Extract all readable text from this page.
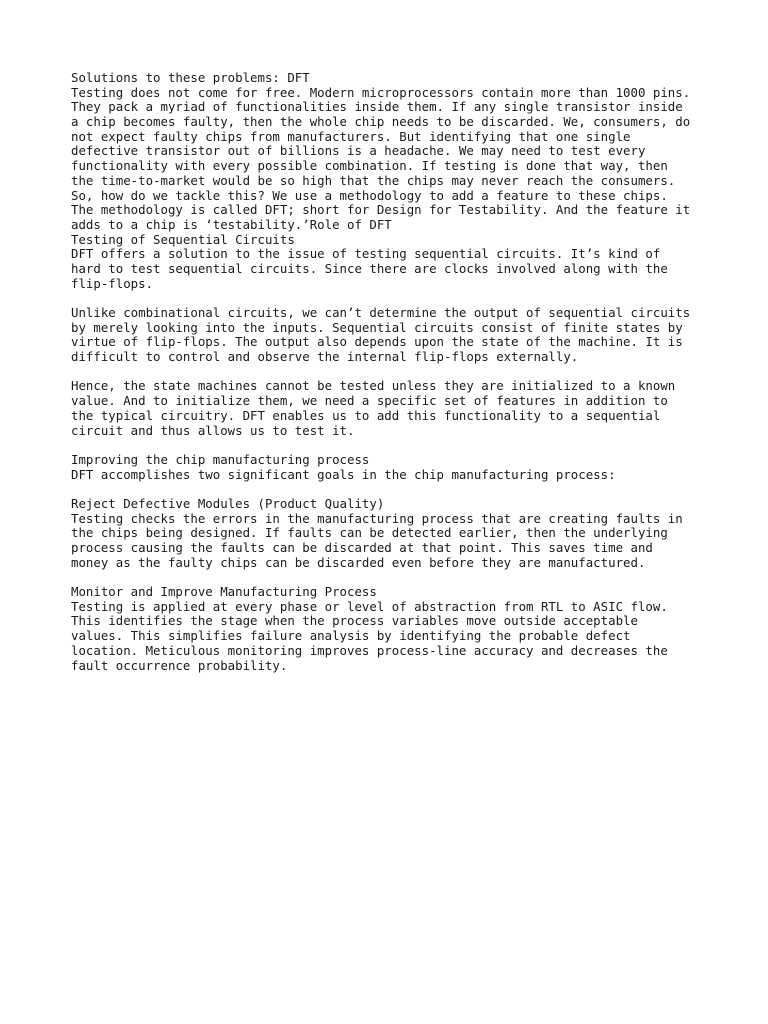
Solutions to these problems: DFT
Testing does not come for free. Modern microprocessors contain more than 1000 pins.
They pack a myriad of functionalities inside them. If any single transistor inside
a chip becomes faulty, then the whole chip needs to be discarded. We, consumers, do
not expect faulty chips from manufacturers. But identifying that one single
defective transistor out of billions is a headache. We may need to test every
functionality with every possible combination. If testing is done that way, then
the time-to-market would be so high that the chips may never reach the consumers.
So, how do we tackle this? We use a methodology to add a feature to these chips.
The methodology is called DFT; short for Design for Testability. And the feature it
adds to a chip is ‘testability.’Role of DFT
Testing of Sequential Circuits
DFT offers a solution to the issue of testing sequential circuits. It’s kind of
hard to test sequential circuits. Since there are clocks involved along with the
flip-flops.
Unlike combinational circuits, we can’t determine the output of sequential circuits
by merely looking into the inputs. Sequential circuits consist of finite states by
virtue of flip-flops. The output also depends upon the state of the machine. It is
difficult to control and observe the internal flip-flops externally.
Hence, the state machines cannot be tested unless they are initialized to a known
value. And to initialize them, we need a specific set of features in addition to
the typical circuitry. DFT enables us to add this functionality to a sequential
circuit and thus allows us to test it.
Improving the chip manufacturing process
DFT accomplishes two significant goals in the chip manufacturing process:
Reject Defective Modules (Product Quality)
Testing checks the errors in the manufacturing process that are creating faults in
the chips being designed. If faults can be detected earlier, then the underlying
process causing the faults can be discarded at that point. This saves time and
money as the faulty chips can be discarded even before they are manufactured.
Monitor and Improve Manufacturing Process
Testing is applied at every phase or level of abstraction from RTL to ASIC flow.
This identifies the stage when the process variables move outside acceptable
values. This simplifies failure analysis by identifying the probable defect
location. Meticulous monitoring improves process-line accuracy and decreases the
fault occurrence probability.
